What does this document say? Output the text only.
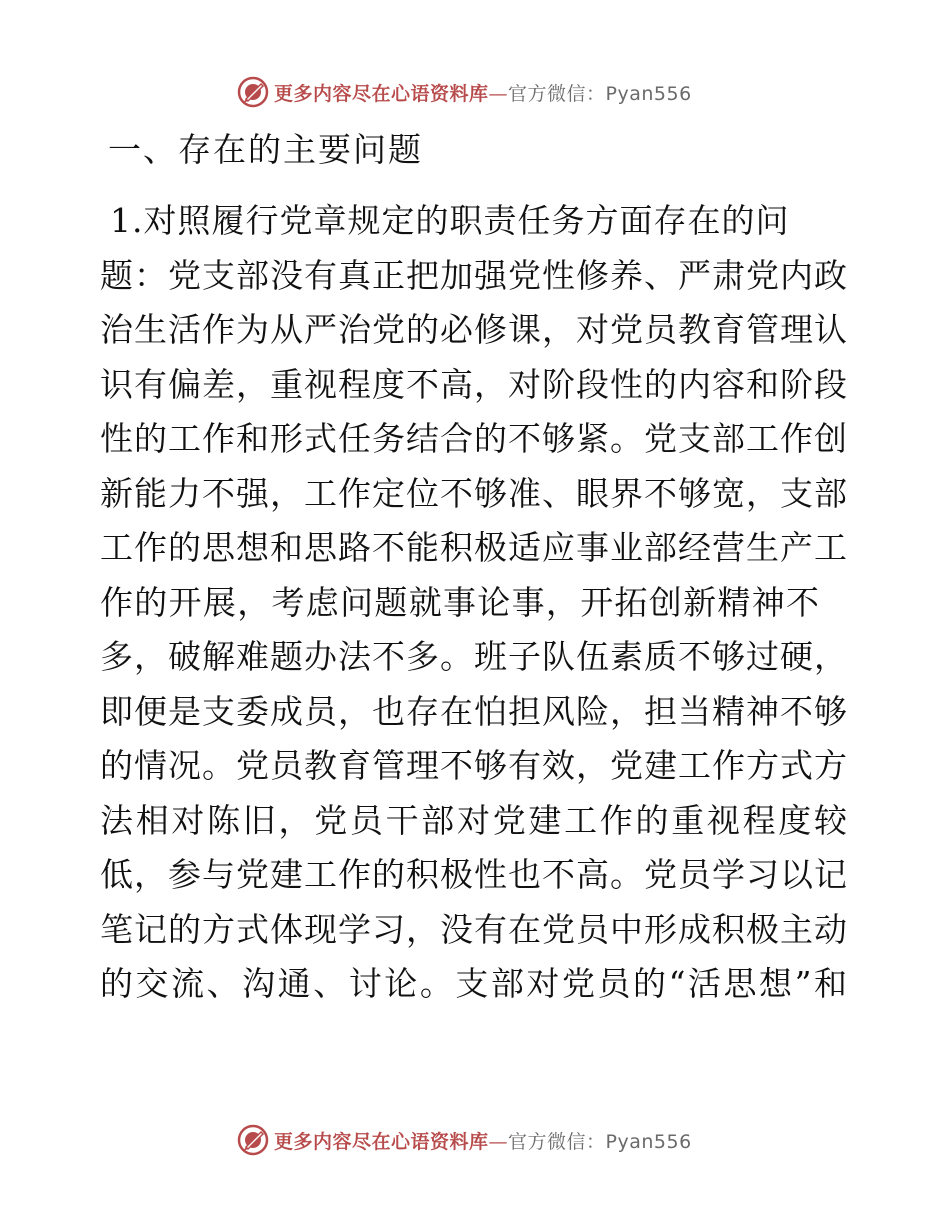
更多内容尽在心语资料库—官方微信：Pyan556
一、存在的主要问题
1.对照履行党章规定的职责任务方面存在的问
题：党支部没有真正把加强党性修养、严肃党内政
治生活作为从严治党的必修课，对党员教育管理认
识有偏差，重视程度不高，对阶段性的内容和阶段
性的工作和形式任务结合的不够紧。党支部工作创
新能力不强，工作定位不够准、眼界不够宽，支部
工作的思想和思路不能积极适应事业部经营生产工
作的开展，考虑问题就事论事，开拓创新精神不
多，破解难题办法不多。班子队伍素质不够过硬，
即便是支委成员，也存在怕担风险，担当精神不够
的情况。党员教育管理不够有效，党建工作方式方
法相对陈旧，党员干部对党建工作的重视程度较
低，参与党建工作的积极性也不高。党员学习以记
笔记的方式体现学习，没有在党员中形成积极主动
的交流、沟通、讨论。支部对党员的“活思想”和
更多内容尽在心语资料库—官方微信：Pyan556
